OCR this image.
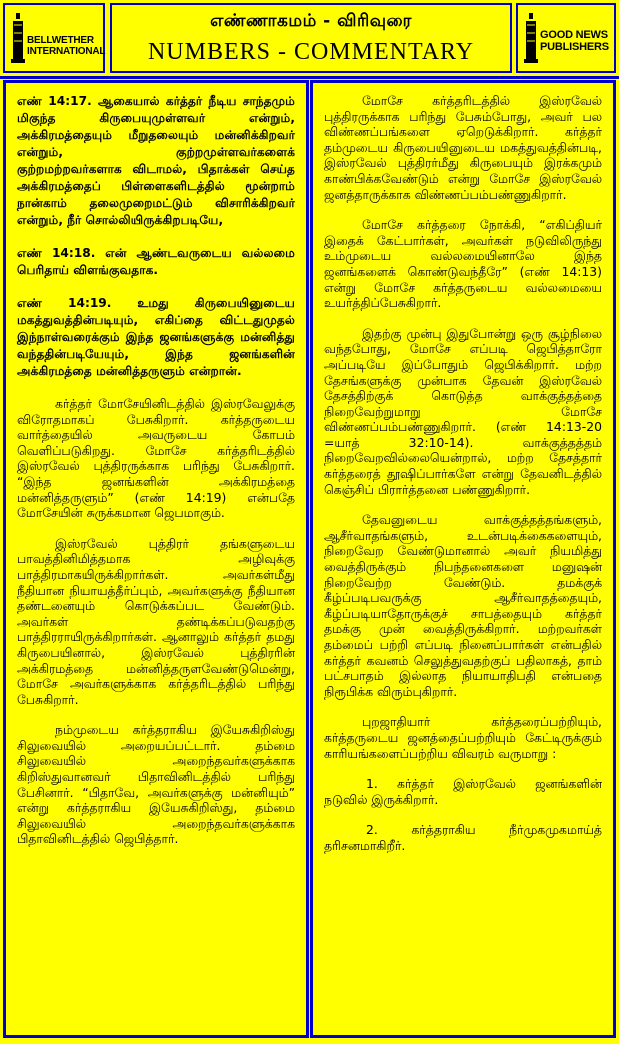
BELLWETHER INTERNATIONAL
எண்ணாகமம் - விரிவுரை
NUMBERS - COMMENTARY
GOOD NEWS PUBLISHERS

எண் 14:17. ஆகையால் கர்த்தர் நீடிய சாந்தமும் மிகுந்த கிருபையுமுள்ளவர் என்றும், அக்கிரமத்தையும் மீறுதலையும் மன்னிக்கிறவர் என்றும், குற்றமுள்ளவர்களைக் குற்றமற்றவர்களாக விடாமல், பிதாக்கள் செய்த அக்கிரமத்தைப் பிள்ளைகளிடத்தில் மூன்றாம் நான்காம் தலைமுறைமட்டும் விசாரிக்கிறவர் என்றும், நீர் சொல்லியிருக்கிறபடியே,

எண் 14:18. என் ஆண்டவருடைய வல்லமை பெரிதாய் விளங்குவதாக.

எண் 14:19. உமது கிருபையினுடைய மகத்துவத்தின்படியும், எகிப்தை விட்டதுமுதல் இந்நாள்வரைக்கும் இந்த ஜனங்களுக்கு மன்னித்து வந்ததின்படியேயும், இந்த ஜனங்களின் அக்கிரமத்தை மன்னித்தருளும் என்றான்.

கர்த்தர் மோசேயினிடத்தில் இஸ்ரவேலுக்கு விரோதமாகப் பேசுகிறார். கர்த்தருடைய வார்த்தையில் அவருடைய கோபம் வெளிப்படுகிறது. மோசே கர்த்தரிடத்தில் இஸ்ரவேல் புத்திரருக்காக பரிந்து பேசுகிறார். “இந்த ஜனங்களின் அக்கிரமத்தை மன்னித்தருளும்” (எண் 14:19) என்பதே மோசேயின் சுருக்கமான ஜெபமாகும்.

இஸ்ரவேல் புத்திரர் தங்களுடைய பாவத்தினிமித்தமாக அழிவுக்கு பாத்திரமாகயிருக்கிறார்கள். அவர்கள்மீது நீதியான நியாயத்தீர்ப்பும், அவர்களுக்கு நீதியான தண்டனையும் கொடுக்கப்பட வேண்டும். அவர்கள் தண்டிக்கப்படுவதற்கு பாத்திரராயிருக்கிறார்கள். ஆனாலும் கர்த்தர் தமது கிருபையினால், இஸ்ரவேல் புத்திரரின் அக்கிரமத்தை மன்னித்தருளவேண்டுமென்று, மோசே அவர்களுக்காக கர்த்தரிடத்தில் பரிந்து பேசுகிறார்.

நம்முடைய கர்த்தராகிய இயேசுகிறிஸ்து சிலுவையில் அறையப்பட்டார். தம்மை சிலுவையில் அறைந்தவர்களுக்காக கிறிஸ்துவானவர் பிதாவினிடத்தில் பரிந்து பேசினார். “பிதாவே, அவர்களுக்கு மன்னியும்” என்று கர்த்தராகிய இயேசுகிறிஸ்து, தம்மை சிலுவையில் அறைந்தவர்களுக்காக பிதாவினிடத்தில் ஜெபித்தார்.

மோசே கர்த்தரிடத்தில் இஸ்ரவேல் புத்திரருக்காக பரிந்து பேசும்போது, அவர் பல விண்ணப்பங்களை ஏறெடுக்கிறார். கர்த்தர் தம்முடைய கிருபையினுடைய மகத்துவத்தின்படி, இஸ்ரவேல் புத்திரர்மீது கிருபையும் இரக்கமும் காண்பிக்கவேண்டும் என்று மோசே இஸ்ரவேல் ஜனத்தாருக்காக விண்ணப்பம்பண்ணுகிறார்.

மோசே கர்த்தரை நோக்கி, “எகிப்தியர் இதைக் கேட்பார்கள், அவர்கள் நடுவிலிருந்து உம்முடைய வல்லமையினாலே இந்த ஜனங்களைக் கொண்டுவந்தீரே” (எண் 14:13) என்று மோசே கர்த்தருடைய வல்லமையை உயர்த்திப்பேசுகிறார்.

இதற்கு முன்பு இதுபோன்று ஒரு சூழ்நிலை வந்தபோது, மோசே எப்படி ஜெபித்தாரோ அப்படியே இப்போதும் ஜெபிக்கிறார். மற்ற தேசங்களுக்கு முன்பாக தேவன் இஸ்ரவேல் தேசத்திற்குக் கொடுத்த வாக்குத்தத்தை நிறைவேற்றுமாறு மோசே விண்ணப்பம்பண்ணுகிறார். (எண் 14:13-20 =யாத் 32:10-14). வாக்குத்தத்தம் நிறைவேறவில்லையென்றால், மற்ற தேசத்தார் கர்த்தரைத் தூஷிப்பார்களே என்று தேவனிடத்தில் கெஞ்சிப் பிரார்த்தனை பண்ணுகிறார்.

தேவனுடைய வாக்குத்தத்தங்களும், ஆசீர்வாதங்களும், உடன்படிக்கைகளையும், நிறைவேற வேண்டுமானால் அவர் நியமித்து வைத்திருக்கும் நிபந்தனைகளை மனுஷன் நிறைவேற்ற வேண்டும். தமக்குக் கீழ்ப்படிபவருக்கு ஆசீர்வாதத்தையும், கீழ்ப்படியாதோருக்குச் சாபத்தையும் கர்த்தர் தமக்கு முன் வைத்திருக்கிறார். மற்றவர்கள் தம்மைப் பற்றி எப்படி நினைப்பார்கள் என்பதில் கர்த்தர் கவனம் செலுத்துவதற்குப் பதிலாகத், தாம் பட்சபாதம் இல்லாத நியாயாதிபதி என்பதை நிரூபிக்க விரும்புகிறார்.

புறஜாதியார் கர்த்தரைப்பற்றியும், கர்த்தருடைய ஜனத்தைப்பற்றியும் கேட்டிருக்கும் காரியங்களைப்பற்றிய விவரம் வருமாறு :

1. கர்த்தர் இஸ்ரவேல் ஜனங்களின் நடுவில் இருக்கிறார்.

2. கர்த்தராகிய நீர்முகமுகமாய்த் தரிசனமாகிறீர்.
